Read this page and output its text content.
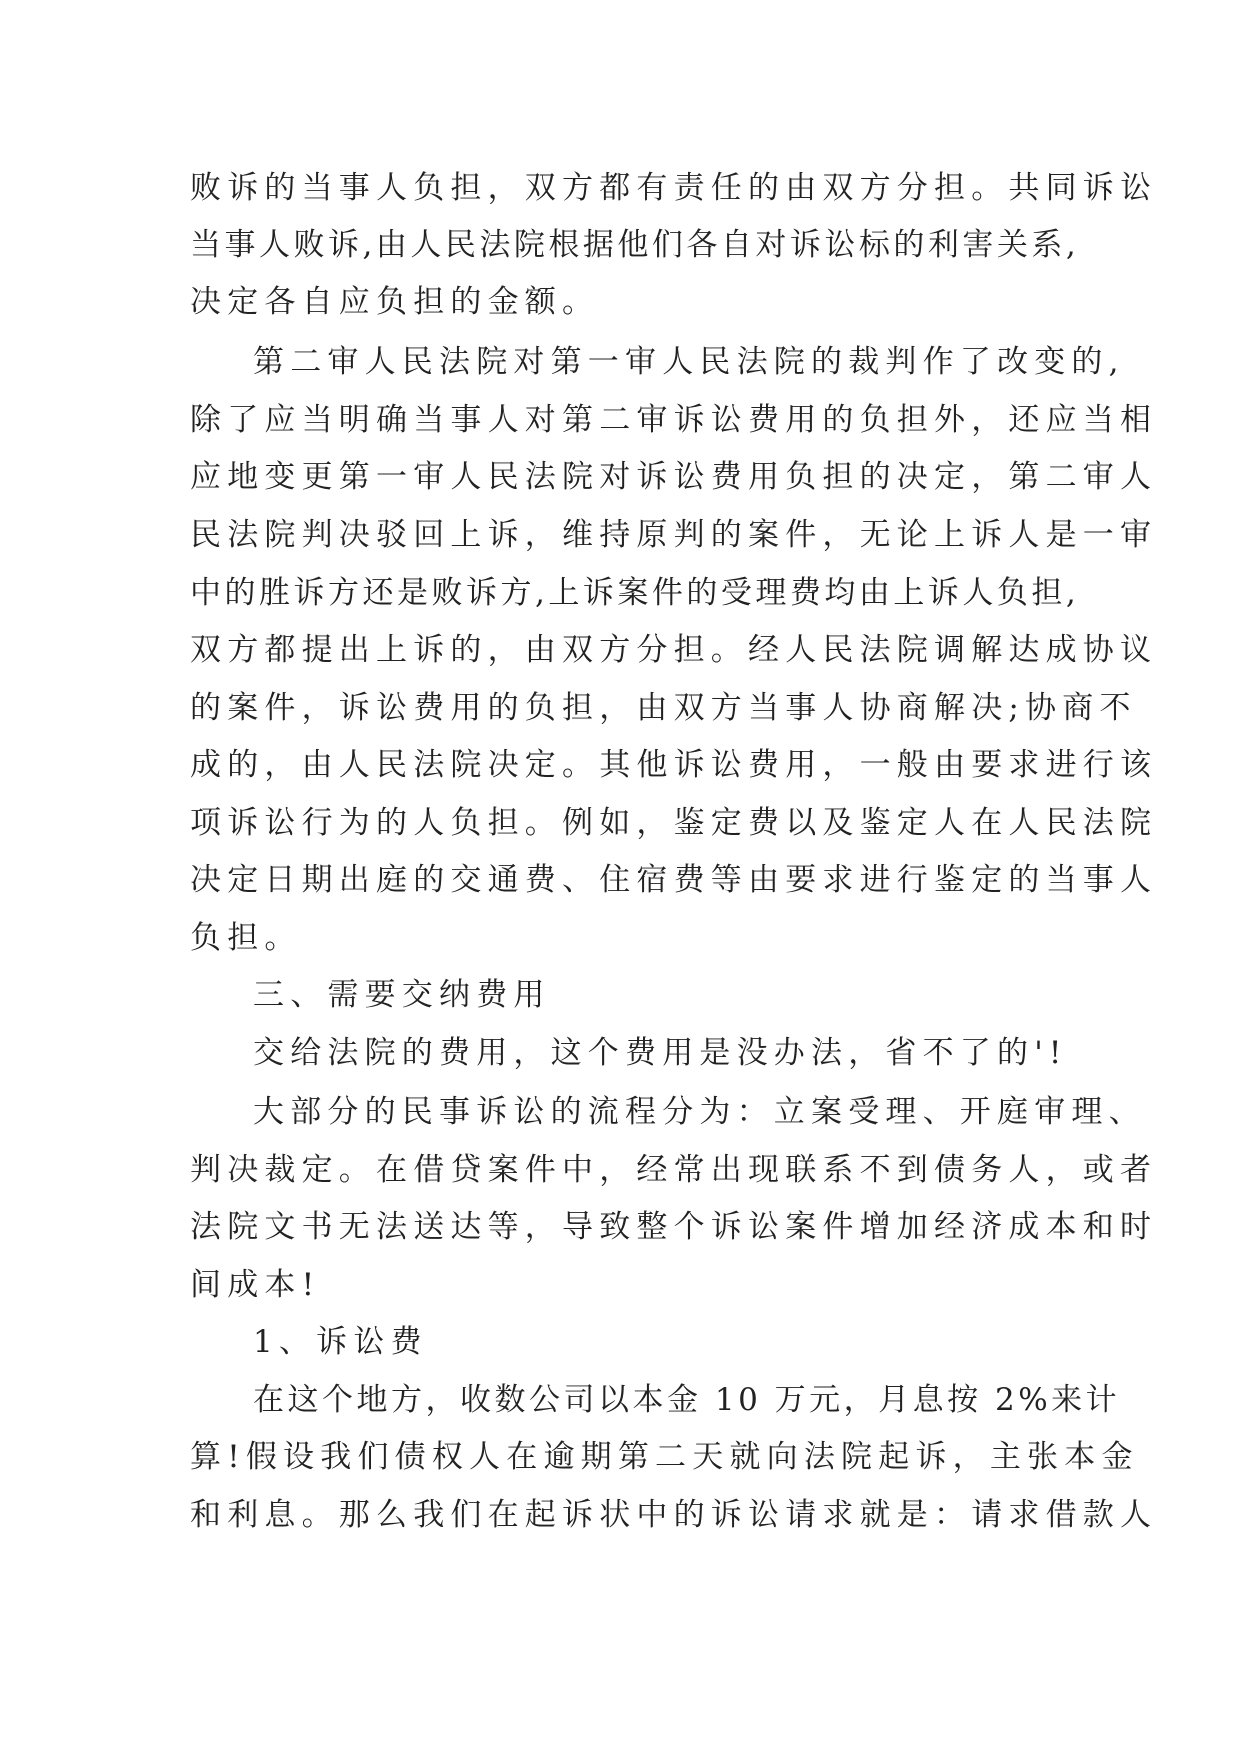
败诉的当事人负担，双方都有责任的由双方分担。共同诉讼
当事人败诉,由人民法院根据他们各自对诉讼标的利害关系,
决定各自应负担的金额。
第二审人民法院对第一审人民法院的裁判作了改变的,
除了应当明确当事人对第二审诉讼费用的负担外，还应当相
应地变更第一审人民法院对诉讼费用负担的决定，第二审人
民法院判决驳回上诉，维持原判的案件，无论上诉人是一审
中的胜诉方还是败诉方,上诉案件的受理费均由上诉人负担,
双方都提出上诉的，由双方分担。经人民法院调解达成协议
的案件，诉讼费用的负担，由双方当事人协商解决;协商不
成的，由人民法院决定。其他诉讼费用，一般由要求进行该
项诉讼行为的人负担。例如，鉴定费以及鉴定人在人民法院
决定日期出庭的交通费、住宿费等由要求进行鉴定的当事人
负担。
三、需要交纳费用
交给法院的费用，这个费用是没办法，省不了的'!
大部分的民事诉讼的流程分为：立案受理、开庭审理、
判决裁定。在借贷案件中，经常出现联系不到债务人，或者
法院文书无法送达等，导致整个诉讼案件增加经济成本和时
间成本!
1、诉讼费
在这个地方，收数公司以本金 10 万元，月息按 2%来计
算!假设我们债权人在逾期第二天就向法院起诉，主张本金
和利息。那么我们在起诉状中的诉讼请求就是：请求借款人
